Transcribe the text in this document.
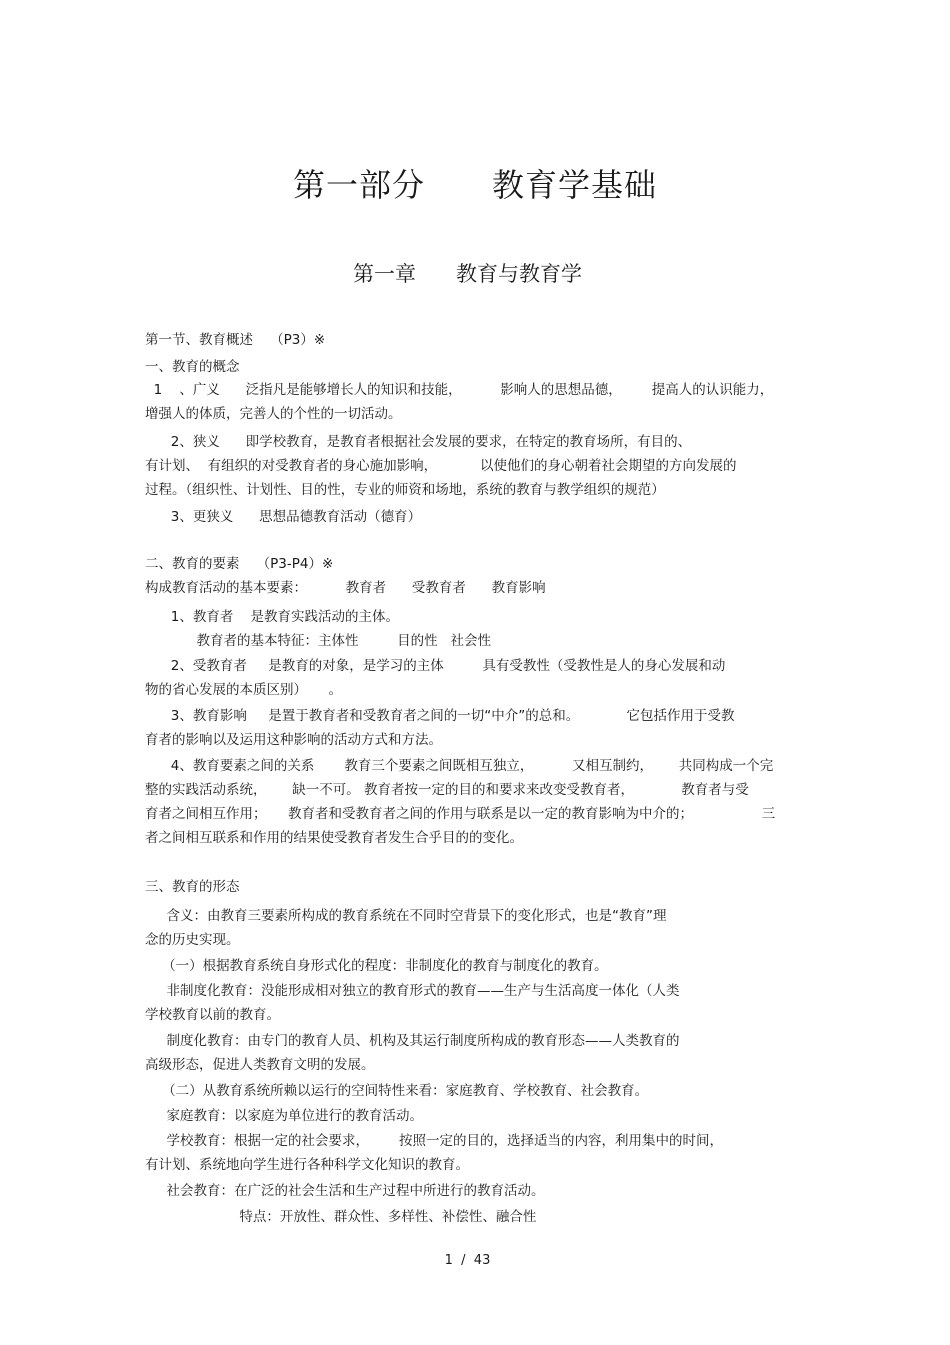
第一部分      教育学基础
第一章      教育与教育学
第一节、教育概述    （P3）※
一、教育的概念
1    、广义      泛指凡是能够增长人的知识和技能，         影响人的思想品德，       提高人的认识能力，
增强人的体质，完善人的个性的一切活动。
2、狭义      即学校教育，是教育者根据社会发展的要求，在特定的教育场所，有目的、
有计划、  有组织的对受教育者的身心施加影响，          以使他们的身心朝着社会期望的方向发展的
过程。（组织性、计划性、目的性，专业的师资和场地，系统的教育与教学组织的规范）
3、更狭义      思想品德教育活动（德育）
二、教育的要素    （P3-P4）※
构成教育活动的基本要素：         教育者      受教育者      教育影响
1、教育者    是教育实践活动的主体。
教育者的基本特征：主体性         目的性   社会性
2、受教育者     是教育的对象，是学习的主体         具有受教性（受教性是人的身心发展和动
物的省心发展的本质区别）     。
3、教育影响     是置于教育者和受教育者之间的一切“中介”的总和。           它包括作用于受教
育者的影响以及运用这种影响的活动方式和方法。
4、教育要素之间的关系       教育三个要素之间既相互独立，         又相互制约，      共同构成一个完
整的实践活动系统，      缺一不可。 教育者按一定的目的和要求来改变受教育者，           教育者与受
育者之间相互作用；     教育者和受教育者之间的作用与联系是以一定的教育影响为中介的；                三
者之间相互联系和作用的结果使受教育者发生合乎目的的变化。
三、教育的形态
含义：由教育三要素所构成的教育系统在不同时空背景下的变化形式，也是“教育”理
念的历史实现。
（一）根据教育系统自身形式化的程度：非制度化的教育与制度化的教育。
非制度化教育：没能形成相对独立的教育形式的教育——生产与生活高度一体化（人类
学校教育以前的教育。
制度化教育：由专门的教育人员、机构及其运行制度所构成的教育形态——人类教育的
高级形态，促进人类教育文明的发展。
（二）从教育系统所赖以运行的空间特性来看：家庭教育、学校教育、社会教育。
家庭教育：以家庭为单位进行的教育活动。
学校教育：根据一定的社会要求，       按照一定的目的，选择适当的内容，利用集中的时间，
有计划、系统地向学生进行各种科学文化知识的教育。
社会教育：在广泛的社会生活和生产过程中所进行的教育活动。
特点：开放性、群众性、多样性、补偿性、融合性
1  /  43
